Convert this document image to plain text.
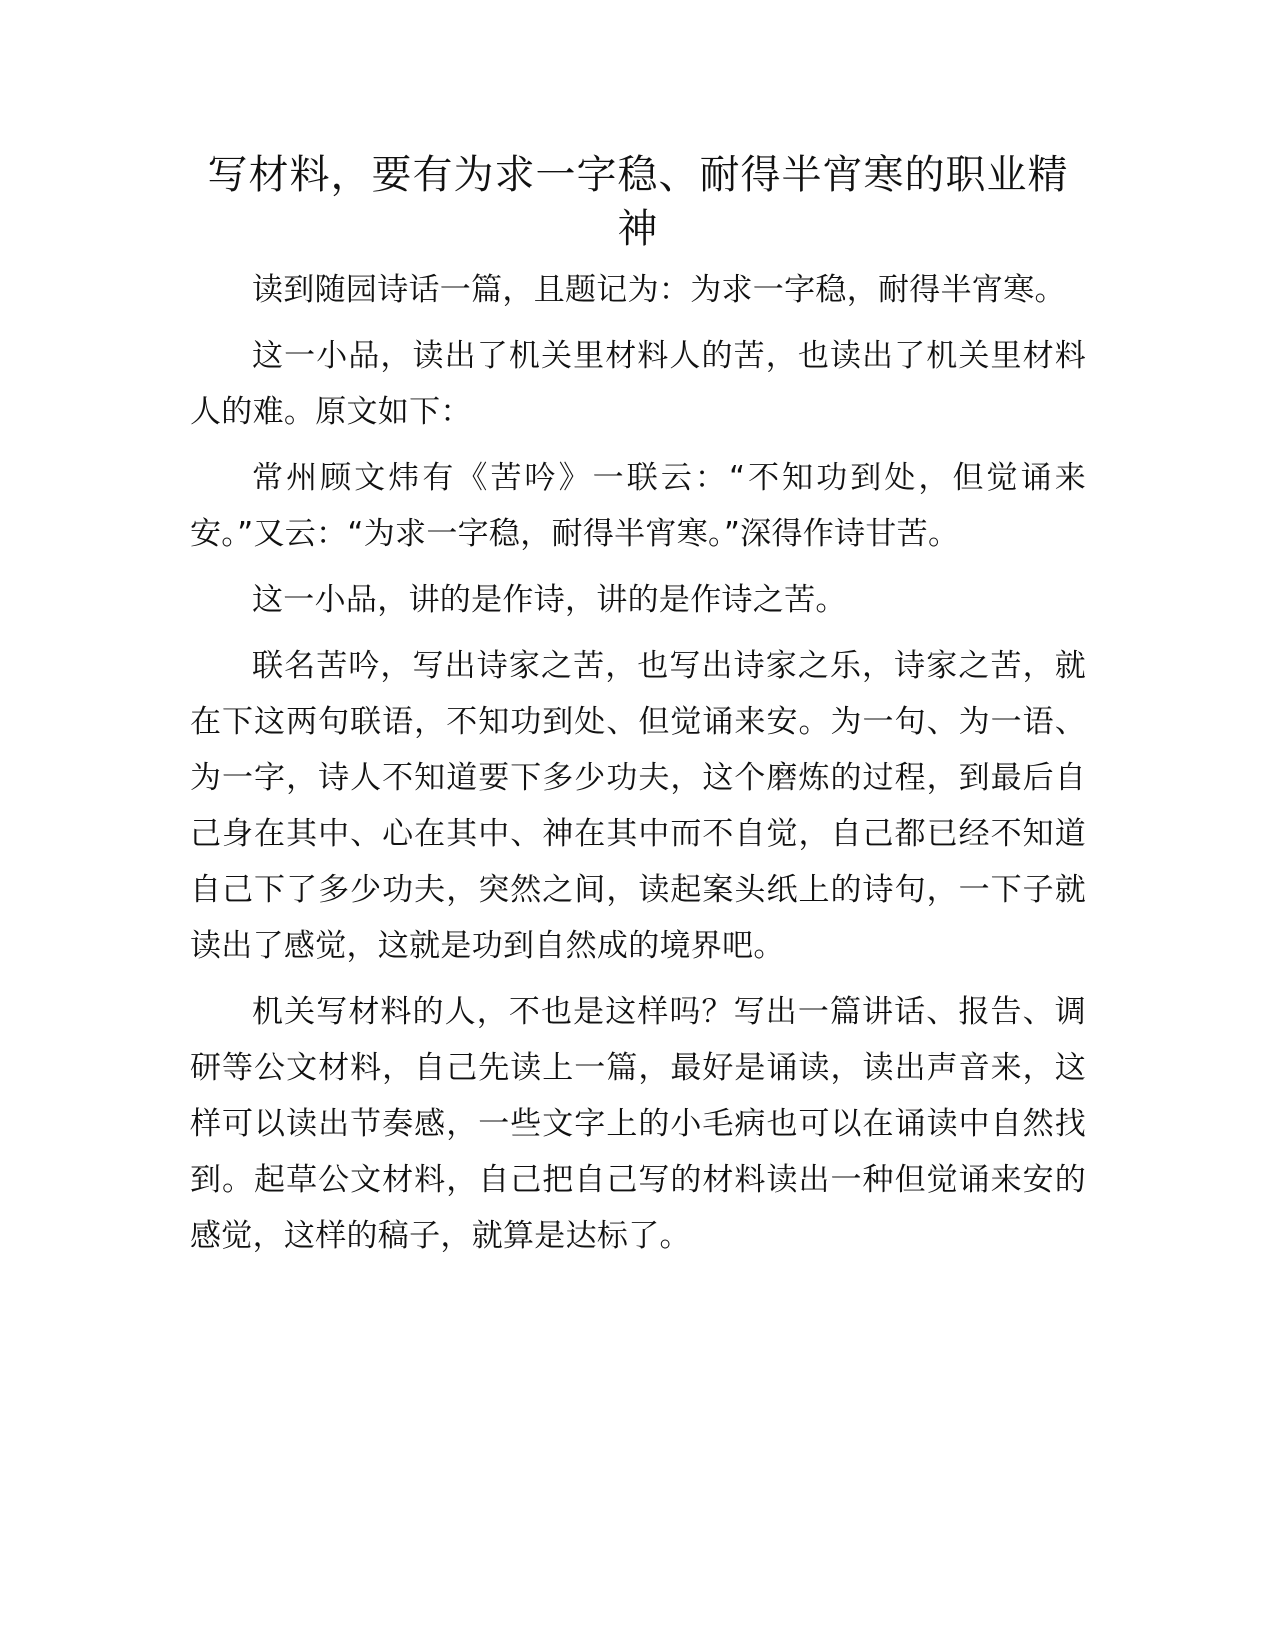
写材料，要有为求一字稳、耐得半宵寒的职业精神

读到随园诗话一篇，且题记为：为求一字稳，耐得半宵寒。

这一小品，读出了机关里材料人的苦，也读出了机关里材料人的难。原文如下：

常州顾文炜有《苦吟》一联云：“不知功到处，但觉诵来安。”又云：“为求一字稳，耐得半宵寒。”深得作诗甘苦。

这一小品，讲的是作诗，讲的是作诗之苦。

联名苦吟，写出诗家之苦，也写出诗家之乐，诗家之苦，就在下这两句联语，不知功到处、但觉诵来安。为一句、为一语、为一字，诗人不知道要下多少功夫，这个磨炼的过程，到最后自己身在其中、心在其中、神在其中而不自觉，自己都已经不知道自己下了多少功夫，突然之间，读起案头纸上的诗句，一下子就读出了感觉，这就是功到自然成的境界吧。

机关写材料的人，不也是这样吗？写出一篇讲话、报告、调研等公文材料，自己先读上一篇，最好是诵读，读出声音来，这样可以读出节奏感，一些文字上的小毛病也可以在诵读中自然找到。起草公文材料，自己把自己写的材料读出一种但觉诵来安的感觉，这样的稿子，就算是达标了。
